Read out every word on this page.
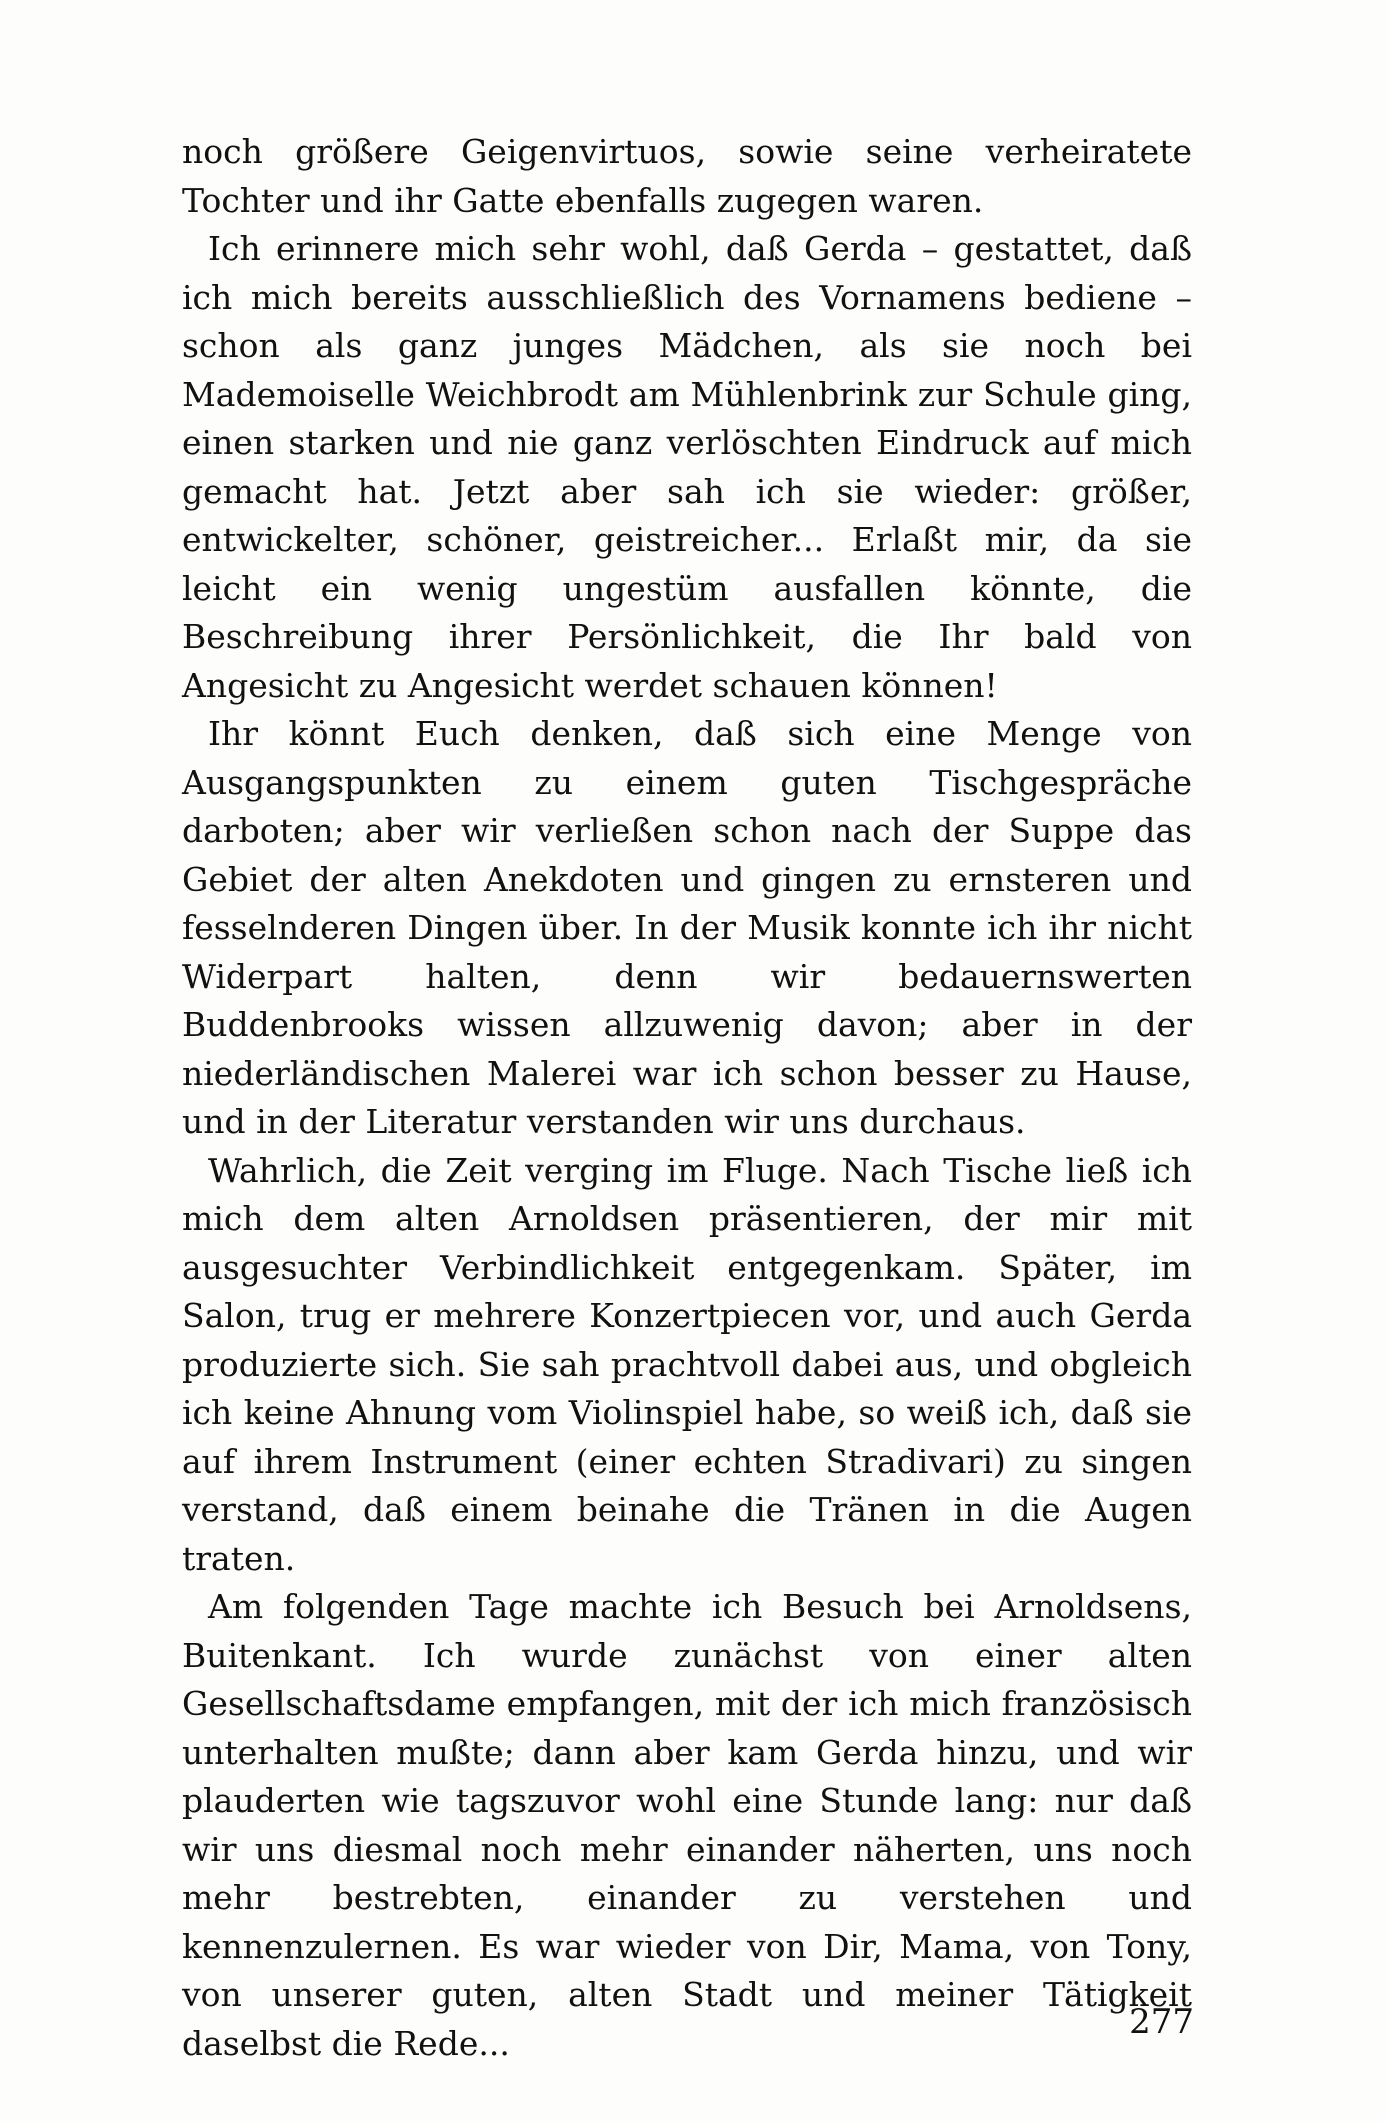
noch größere Geigenvirtuos, sowie seine verheiratete Tochter und ihr Gatte ebenfalls zugegen waren.

Ich erinnere mich sehr wohl, daß Gerda – gestattet, daß ich mich bereits ausschließlich des Vornamens bediene – schon als ganz junges Mädchen, als sie noch bei Mademoiselle Weichbrodt am Mühlenbrink zur Schule ging, einen starken und nie ganz verlöschten Eindruck auf mich gemacht hat. Jetzt aber sah ich sie wieder: größer, entwickelter, schöner, geistreicher... Erlaßt mir, da sie leicht ein wenig ungestüm ausfallen könnte, die Beschreibung ihrer Persönlichkeit, die Ihr bald von Angesicht zu Angesicht werdet schauen können!

Ihr könnt Euch denken, daß sich eine Menge von Ausgangspunkten zu einem guten Tischgespräche darboten; aber wir verließen schon nach der Suppe das Gebiet der alten Anekdoten und gingen zu ernsteren und fesselnderen Dingen über. In der Musik konnte ich ihr nicht Widerpart halten, denn wir bedauernswerten Buddenbrooks wissen allzuwenig davon; aber in der niederländischen Malerei war ich schon besser zu Hause, und in der Literatur verstanden wir uns durchaus.

Wahrlich, die Zeit verging im Fluge. Nach Tische ließ ich mich dem alten Arnoldsen präsentieren, der mir mit ausgesuchter Verbindlichkeit entgegenkam. Später, im Salon, trug er mehrere Konzertpiecen vor, und auch Gerda produzierte sich. Sie sah prachtvoll dabei aus, und obgleich ich keine Ahnung vom Violinspiel habe, so weiß ich, daß sie auf ihrem Instrument (einer echten Stradivari) zu singen verstand, daß einem beinahe die Tränen in die Augen traten.

Am folgenden Tage machte ich Besuch bei Arnoldsens, Buitenkant. Ich wurde zunächst von einer alten Gesellschaftsdame empfangen, mit der ich mich französisch unterhalten mußte; dann aber kam Gerda hinzu, und wir plauderten wie tagszuvor wohl eine Stunde lang: nur daß wir uns diesmal noch mehr einander näherten, uns noch mehr bestrebten, einander zu verstehen und kennenzulernen. Es war wieder von Dir, Mama, von Tony, von unserer guten, alten Stadt und meiner Tätigkeit daselbst die Rede...

277
